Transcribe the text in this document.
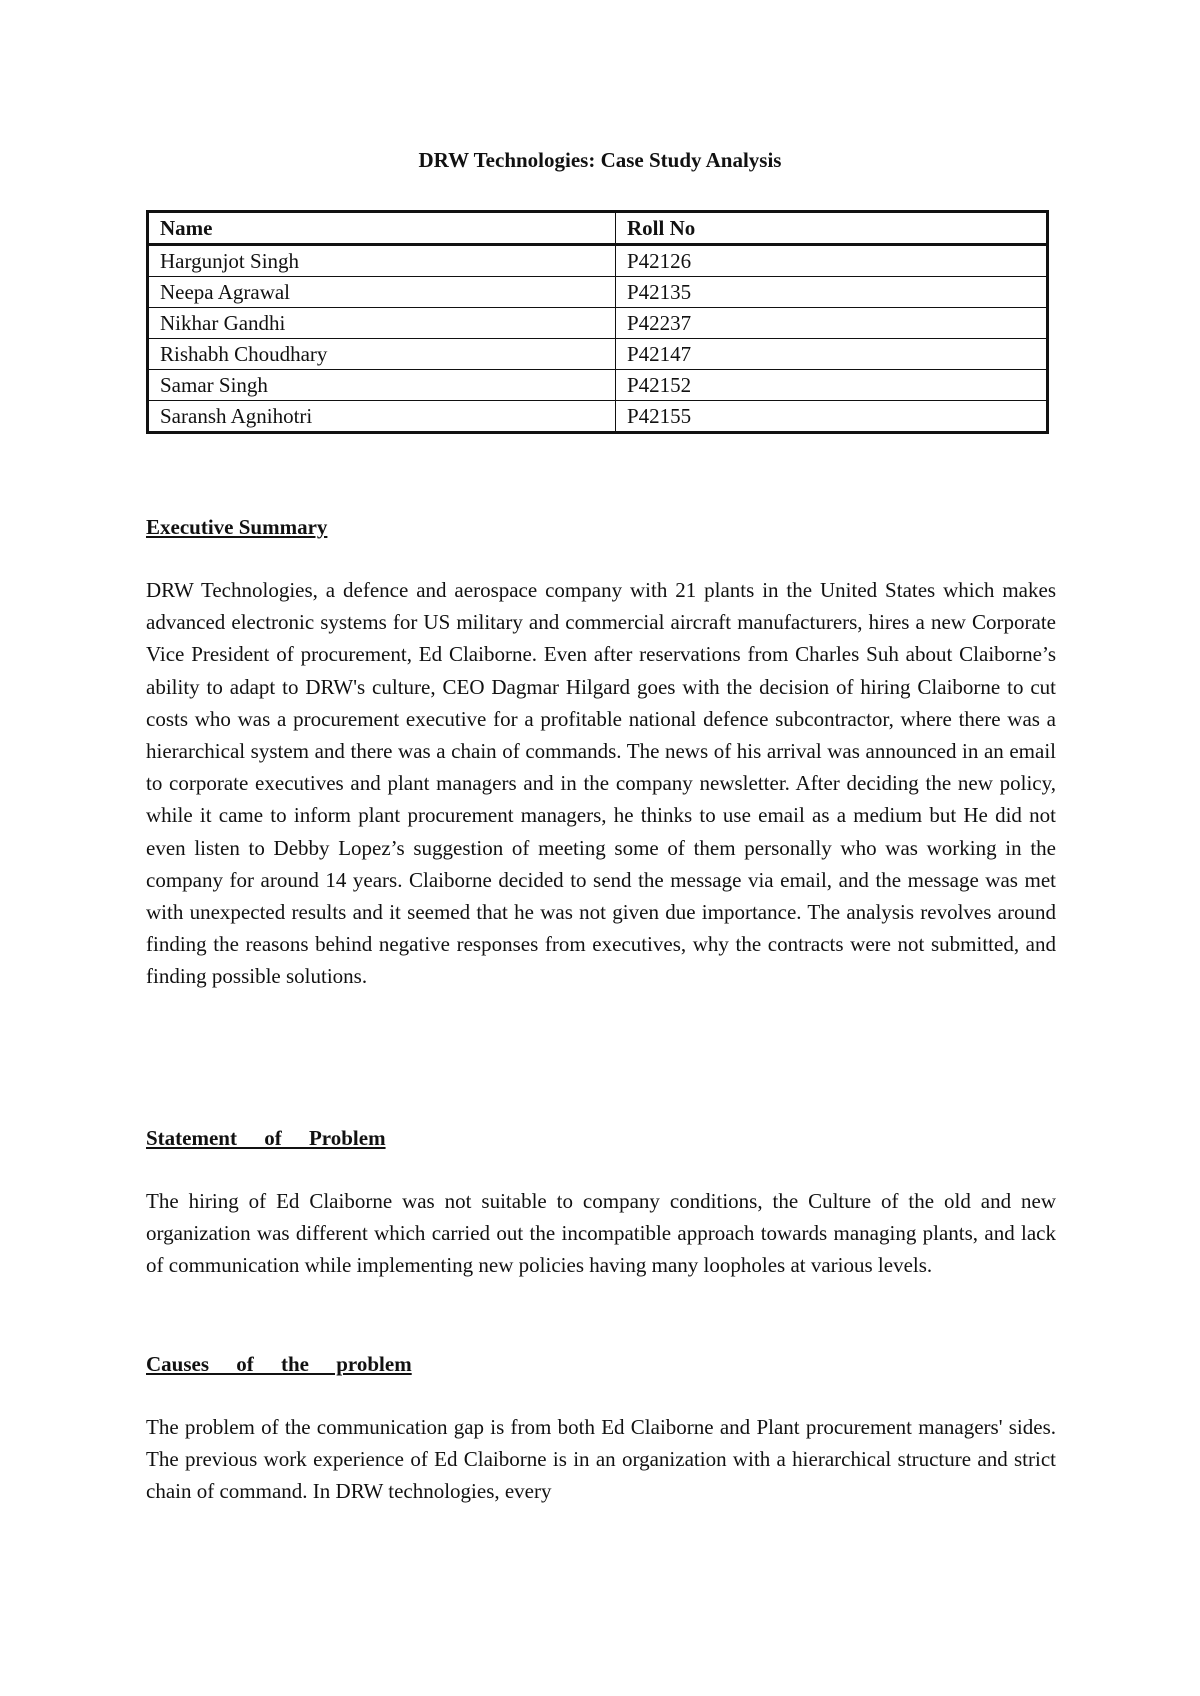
DRW Technologies: Case Study Analysis
Name	Roll No
Hargunjot Singh	P42126
Neepa Agrawal	P42135
Nikhar Gandhi	P42237
Rishabh Choudhary	P42147
Samar Singh	P42152
Saransh Agnihotri	P42155
Executive Summary

DRW Technologies, a defence and aerospace company with 21 plants in the United States which makes advanced electronic systems for US military and commercial aircraft manufacturers, hires a new Corporate Vice President of procurement, Ed Claiborne. Even after reservations from Charles Suh about Claiborne’s ability to adapt to DRW's culture, CEO Dagmar Hilgard goes with the decision of hiring Claiborne to cut costs who was a procurement executive for a profitable national defence subcontractor, where there was a hierarchical system and there was a chain of commands. The news of his arrival was announced in an email to corporate executives and plant managers and in the company newsletter. After deciding the new policy, while it came to inform plant procurement managers, he thinks to use email as a medium but He did not even listen to Debby Lopez’s suggestion of meeting some of them personally who was working in the company for around 14 years. Claiborne decided to send the message via email, and the message was met with unexpected results and it seemed that he was not given due importance. The analysis revolves around finding the reasons behind negative responses from executives, why the contracts were not submitted, and finding possible solutions.

Statement of Problem

The hiring of Ed Claiborne was not suitable to company conditions, the Culture of the old and new organization was different which carried out the incompatible approach towards managing plants, and lack of communication while implementing new policies having many loopholes at various levels.

Causes of the problem

The problem of the communication gap is from both Ed Claiborne and Plant procurement managers' sides. The previous work experience of Ed Claiborne is in an organization with a hierarchical structure and strict chain of command. In DRW technologies, every
